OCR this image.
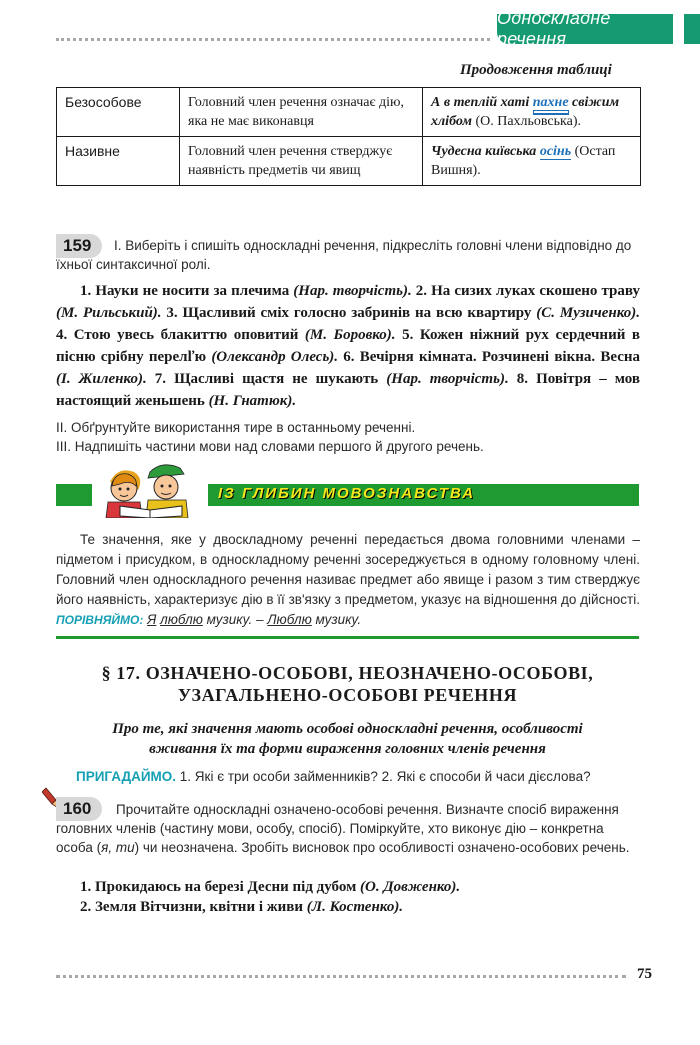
Односкладне речення
Продовження таблиці
Безособове	Головний член речення означає дію, яка не має виконавця	А в теплій хаті пахне свіжим хлібом (О. Пахльовська).
Називне	Головний член речення стверджує наявність предметів чи явищ	Чудесна київська осінь (Остап Вишня).
159	І. Виберіть і спишіть односкладні речення, підкресліть головні члени відповідно до їхньої синтаксичної ролі.
1. Науки не носити за плечима (Нар. творчість). 2. На сизих луках скошено траву (М. Рильський). 3. Щасливий сміх голосно забринів на всю квартиру (С. Музиченко). 4. Стою увесь блакиттю оповитий (М. Боровко). 5. Кожен ніжний рух сердечний в пісню срібну перелľю (Олександр Олесь). 6. Вечірня кімната. Розчинені вікна. Весна (І. Жиленко). 7. Щасливі щастя не шукають (Нар. творчість). 8. Повітря – мов настоящий женьшень (Н. Гнатюк).
ІІ. Обґрунтуйте використання тире в останньому реченні.
ІІІ. Надпишіть частини мови над словами першого й другого речень.
ІЗ ГЛИБИН МОВОЗНАВСТВА
Те значення, яке у двоскладному реченні передається двома головними членами – підметом і присудком, в односкладному реченні зосереджується в одному головному члені. Головний член односкладного речення називає предмет або явище і разом з тим стверджує його наявність, характеризує дію в її зв'язку з предметом, указує на відношення до дійсності. ПОРІВНЯЙМО: Я люблю музику. – Люблю музику.
§ 17. ОЗНАЧЕНО-ОСОБОВІ, НЕОЗНАЧЕНО-ОСОБОВІ,
УЗАГАЛЬНЕНО-ОСОБОВІ РЕЧЕННЯ
Про те, які значення мають особові односкладні речення, особливості вживання їх та форми вираження головних членів речення
ПРИГАДАЙМО. 1. Які є три особи займенників? 2. Які є способи й часи дієслова?
160	Прочитайте односкладні означено-особові речення. Визначте спосіб вираження головних членів (частину мови, особу, спосіб). Поміркуйте, хто виконує дію – конкретна особа (я, ти) чи неозначена. Зробіть висновок про особливості означено-особових речень.
1. Прокидаюсь на березі Десни під дубом (О. Довженко).
2. Земля Вітчизни, квітни і живи (Л. Костенко).
75
